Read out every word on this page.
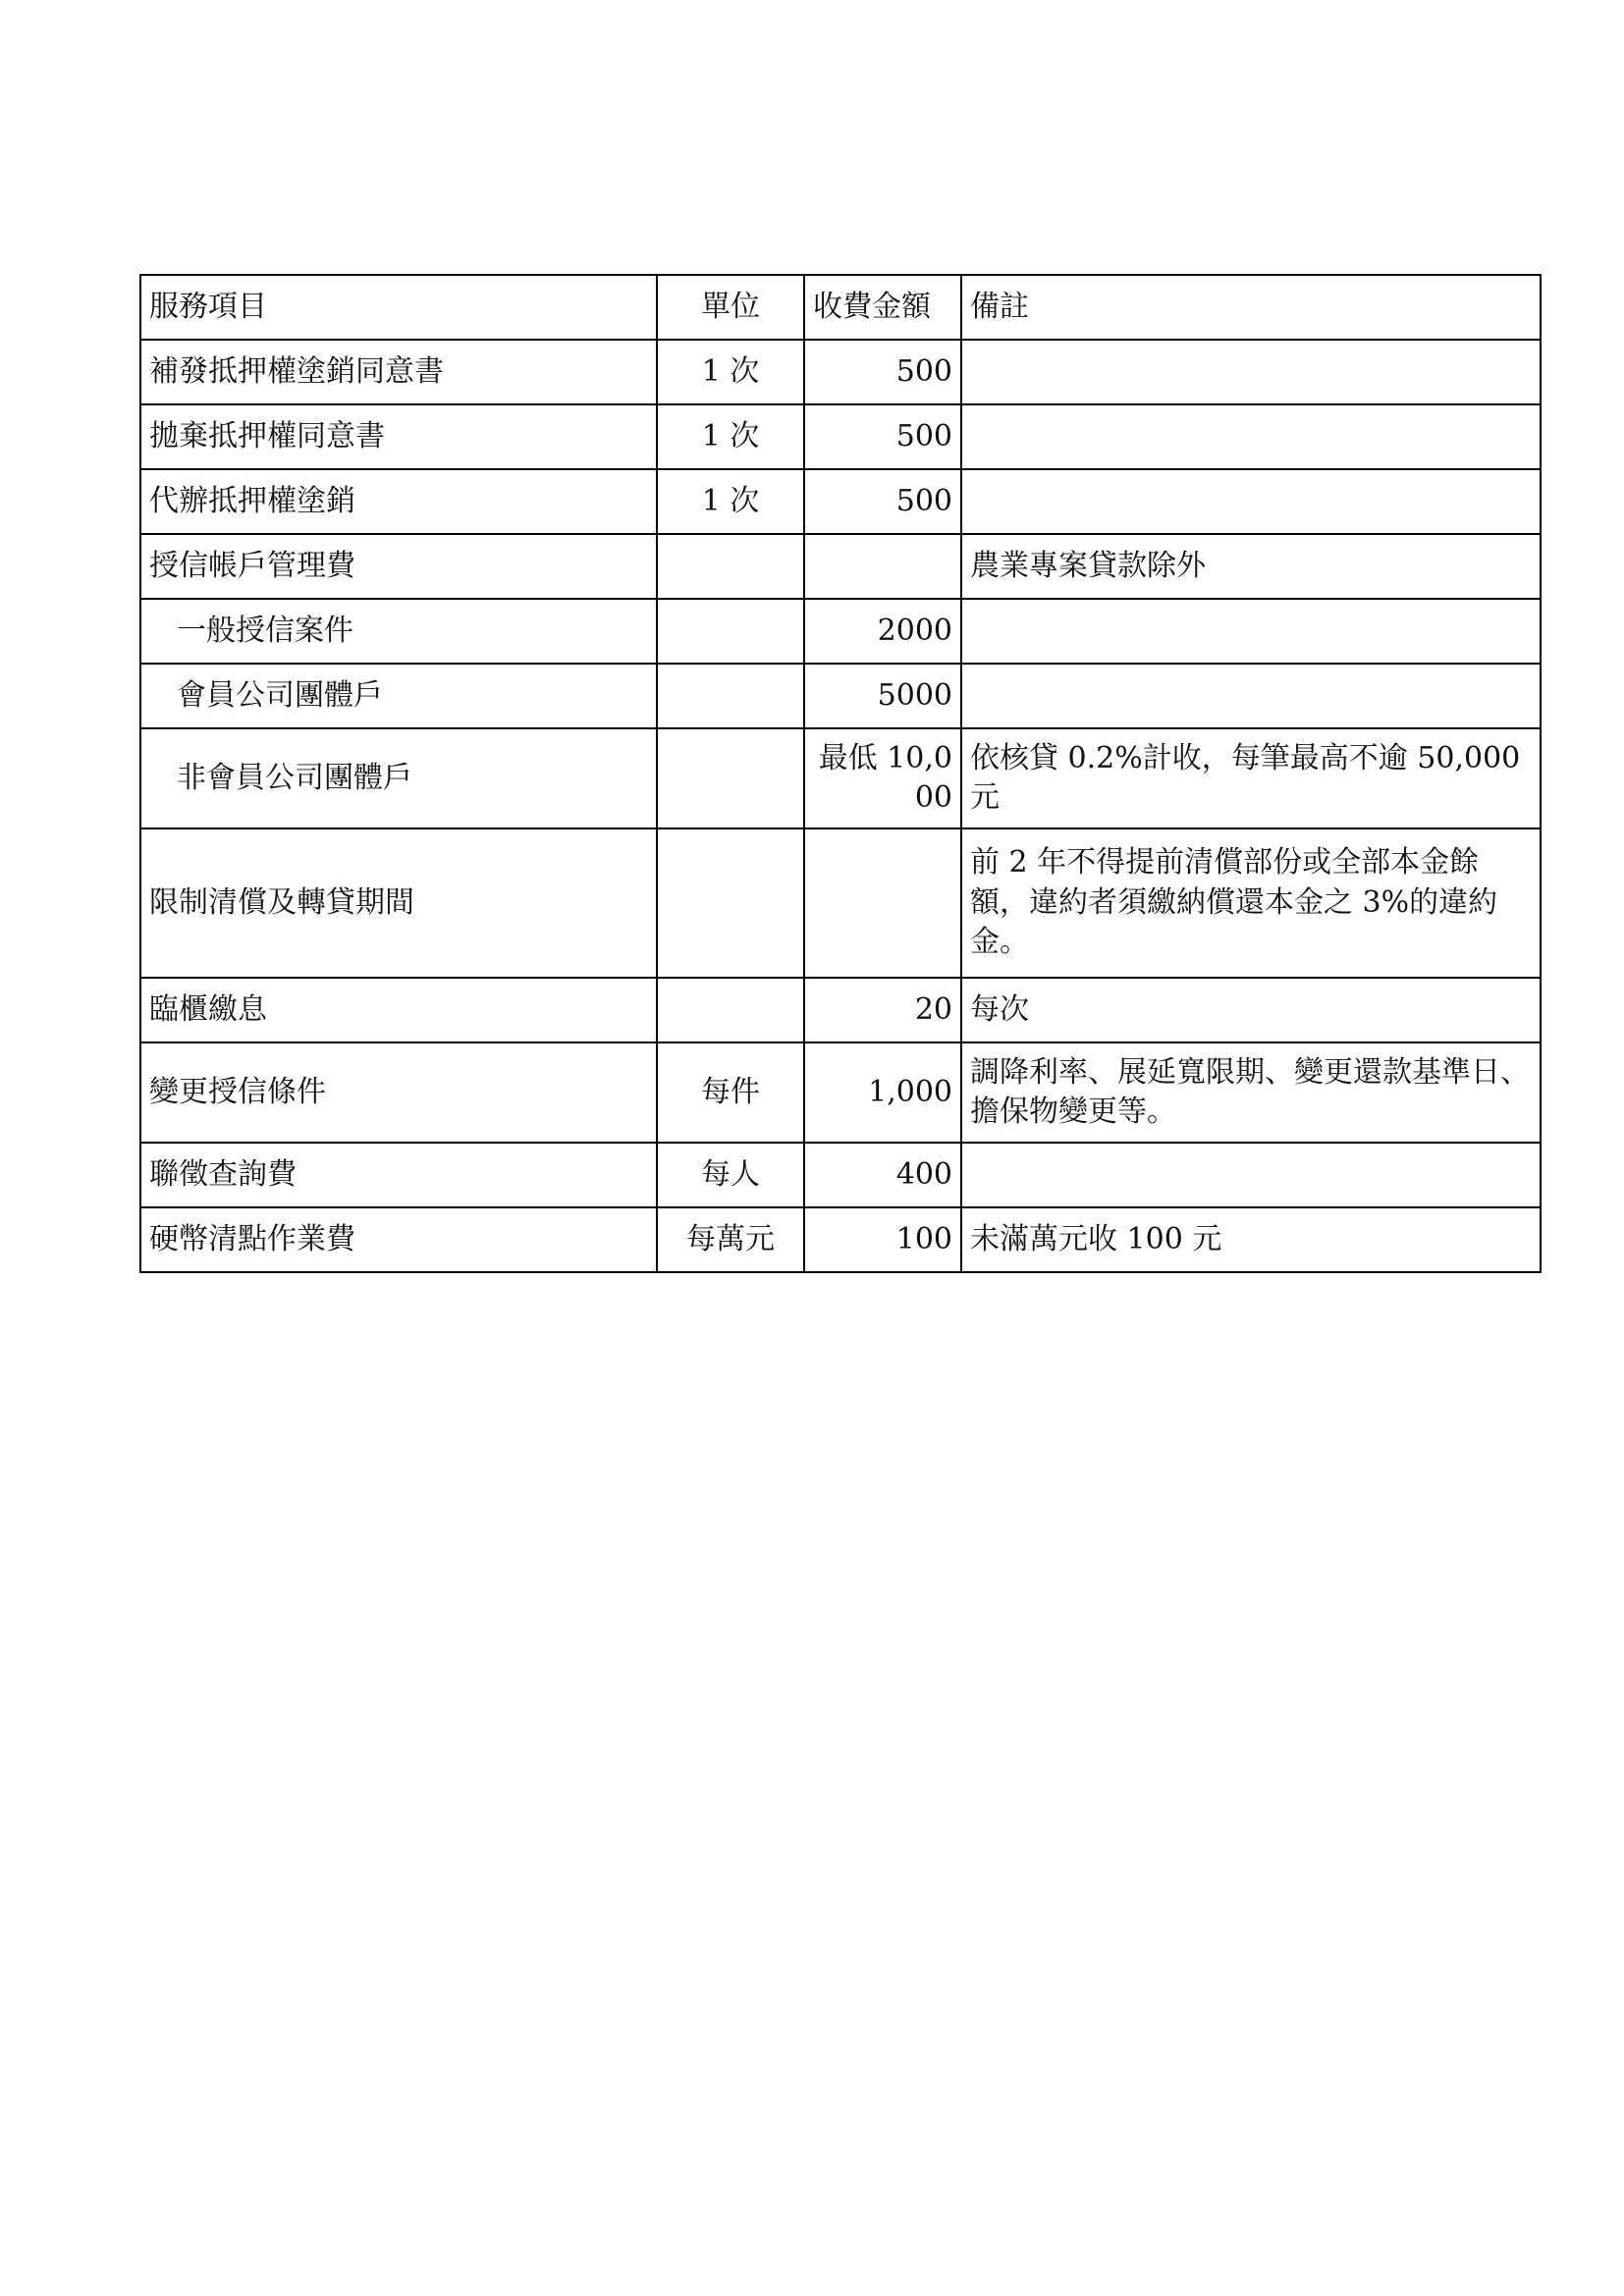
服務項目	單位	收費金額	備註
補發抵押權塗銷同意書	1 次	500	
拋棄抵押權同意書	1 次	500	
代辦抵押權塗銷	1 次	500	
授信帳戶管理費			農業專案貸款除外
一般授信案件		2000	
會員公司團體戶		5000	
非會員公司團體戶		最低 10,000	依核貸 0.2%計收，每筆最高不逾 50,000 元
限制清償及轉貸期間			前 2 年不得提前清償部份或全部本金餘額，違約者須繳納償還本金之 3%的違約金。
臨櫃繳息		20	每次
變更授信條件	每件	1,000	調降利率、展延寬限期、變更還款基準日、擔保物變更等。
聯徵查詢費	每人	400	
硬幣清點作業費	每萬元	100	未滿萬元收 100 元
